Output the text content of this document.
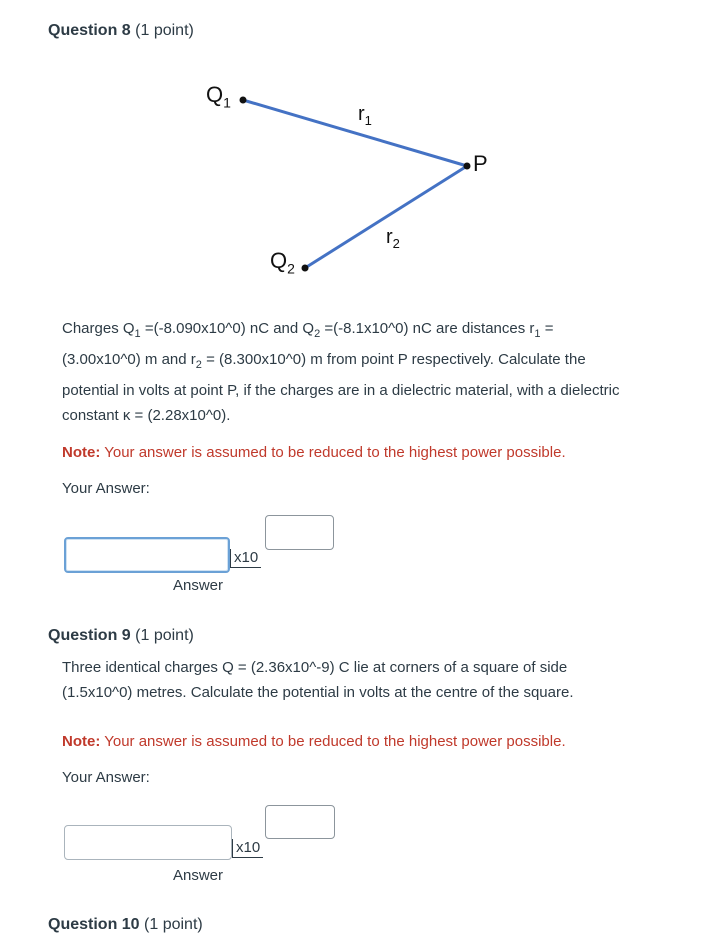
Question 8 (1 point)
$Q_1$
$r_1$
P
$r_2$
$Q_2$
Charges $Q_1$ =(-8.090x10^0) nC and $Q_2$ =(-8.1x10^0) nC are distances $r_1$ =
(3.00x10^0) m and $r_2$ = (8.300x10^0) m from point P respectively. Calculate the
potential in volts at point P, if the charges are in a dielectric material, with a dielectric
constant κ = (2.28x10^0).
Note: Your answer is assumed to be reduced to the highest power possible.
Your Answer:
x10
Answer
Question 9 (1 point)
Three identical charges Q = (2.36x10^-9) C lie at corners of a square of side
(1.5x10^0) metres. Calculate the potential in volts at the centre of the square.
Note: Your answer is assumed to be reduced to the highest power possible.
Your Answer:
x10
Answer
Question 10 (1 point)
